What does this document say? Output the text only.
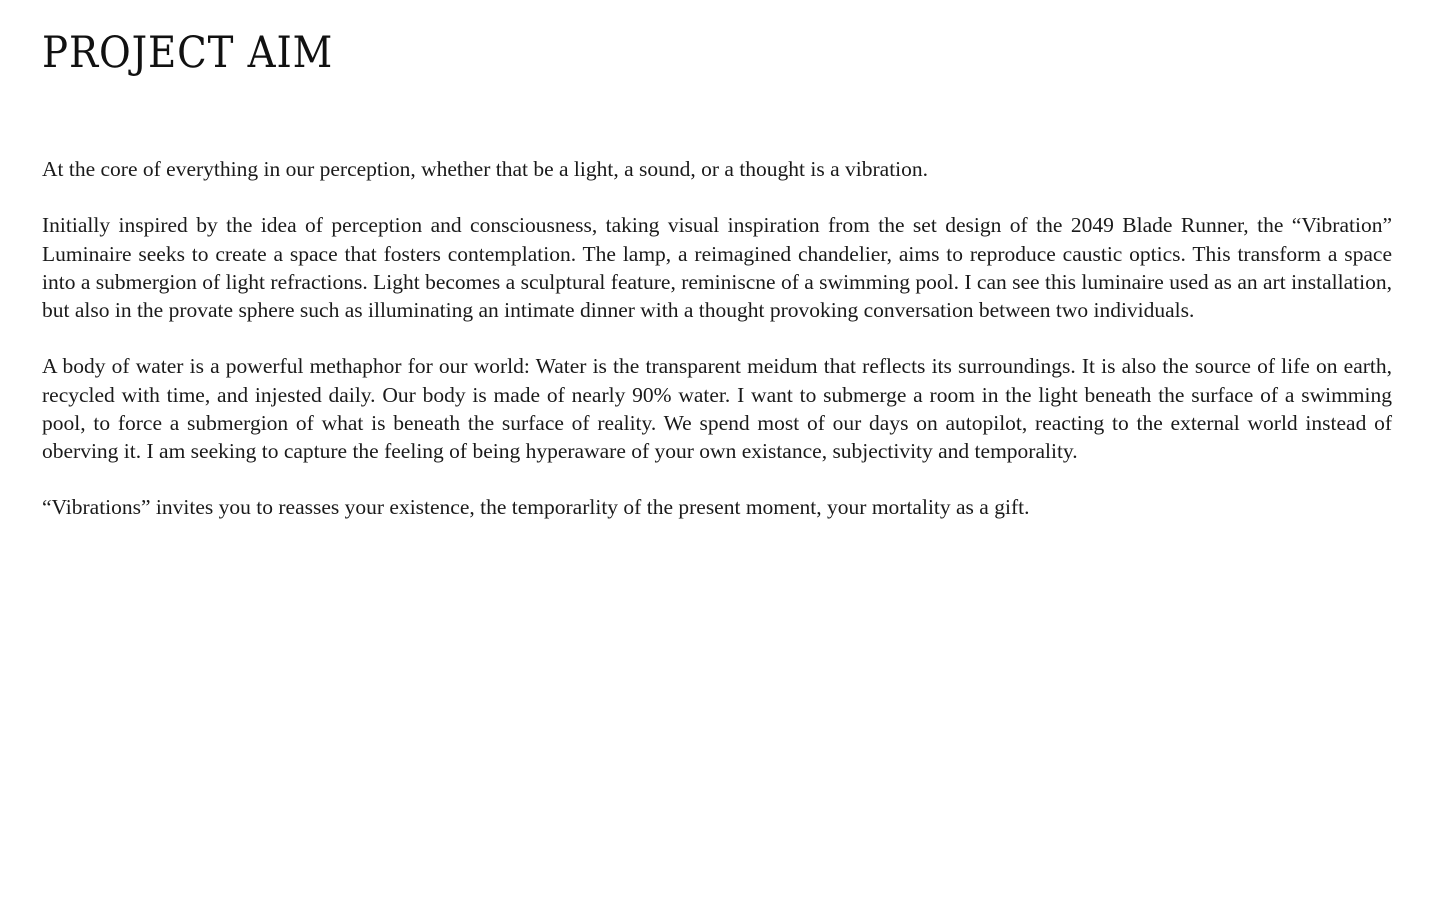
PROJECT AIM

At the core of everything in our perception, whether that be a light, a sound, or a thought is a vibration.

Initially inspired by the idea of perception and consciousness, taking visual inspiration from the set design of the 2049 Blade Runner, the “Vibration” Luminaire seeks to create a space that fosters contemplation. The lamp, a reimagined chandelier, aims to reproduce caustic optics. This transform a space into a submergion of light refractions. Light becomes a sculptural feature, reminiscne of a swimming pool. I can see this luminaire used as an art installation, but also in the provate sphere such as illuminating an intimate dinner with a thought provoking conversation between two individuals.

A body of water is a powerful methaphor for our world: Water is the transparent meidum that reflects its surroundings. It is also the source of life on earth, recycled with time, and injested daily. Our body is made of nearly 90% water. I want to submerge a room in the light beneath the surface of a swimming pool, to force a submergion of what is beneath the surface of reality. We spend most of our days on autopilot, reacting to the external world instead of oberving it. I am seeking to capture the feeling of being hyperaware of your own existance, subjectivity and temporality.

“Vibrations” invites you to reasses your existence, the temporarlity of the present moment, your mortality as a gift.
